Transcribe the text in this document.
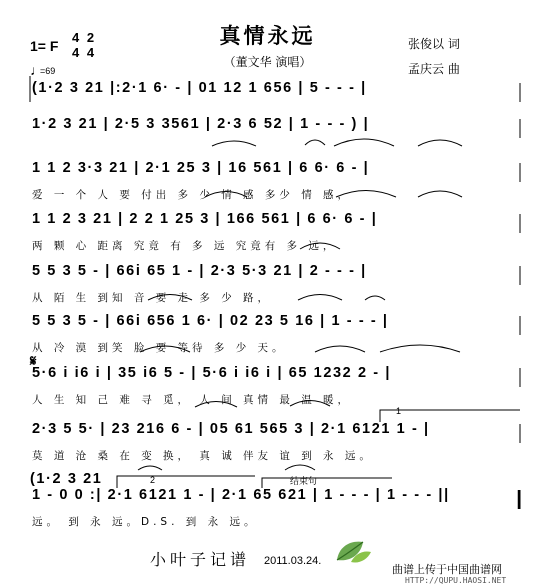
真情永远
（董文华 演唱）
1= F
4 2
4 4
♩
=69
张俊以 词
孟庆云 曲
(1·2 3 21 |:2·1 6· - | 01 12 1 656 | 5 - - - |
1·2 3 21 | 2·5 3 3561 | 2·3 6 52 | 1 - - - ) |
1 1 2 3·3 21 | 2·1 25 3 | 16 561 | 6 6· 6 - |
爱 一 个 人 要 付出 多 少 情 感 多少 情 感，
1 1 2 3 21 | 2 2 1 25 3 | 166 561 | 6 6· 6 - |
两 颗 心 距离 究竟 有 多 远 究竟有 多 远，
5 5 3 5 - | 66i 65 1 - | 2·3 5·3 21 | 2 - - - |
从 陌 生 到知 音 要 走 多 少 路，
5 5 3 5 - | 66i 656 1 6· | 02 23 5 16 | 1 - - - |
从 冷 漠 到笑 脸 要 等待 多 少 天。
5·6 i i6 i | 35 i6 5 - | 5·6 i i6 i | 65 1232 2 - |
人 生 知 己 难 寻 觅， 人 间 真情 最 温 暖，
2·3 5 5· | 23 216 6 - | 05 61 565 3 | 2·1 6121 1 - |
莫 道 沧 桑 在 变 换， 真 诚 伴友 谊 到 永 远。
1 - 0 0 :| 2·1 6121 1 - | 2·1 65 621 | 1 - - - | 1 - - - ||
远。 到 永 远。D.S. 到 永 远。
𝄋
1
2	结束句
(1·2 3 21
小叶子记谱 2011.03.24.
曲谱上传于中国曲谱网
HTTP://QUPU.HAOSI.NET
